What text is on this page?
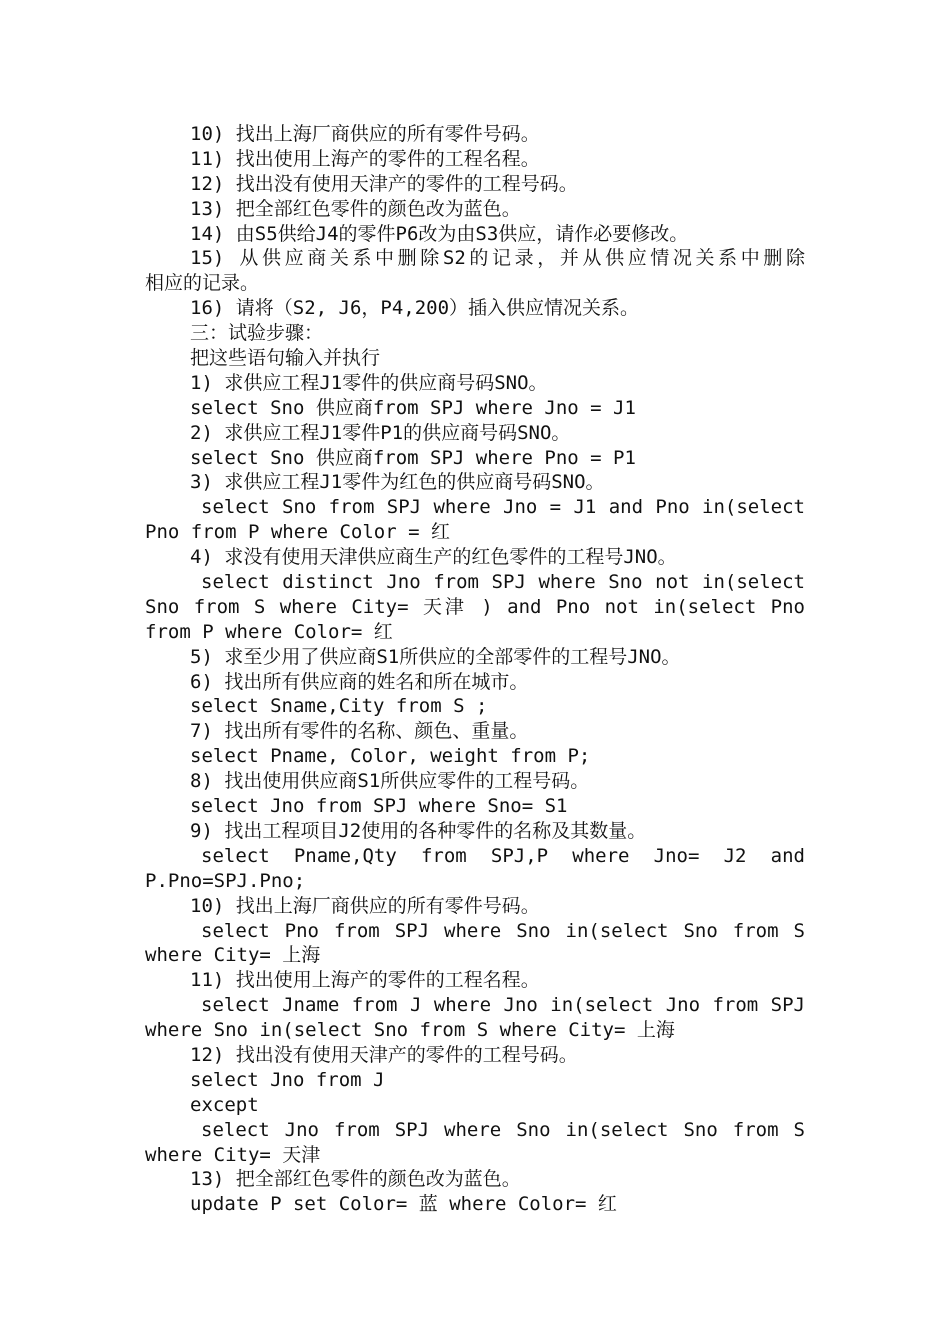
10) 找出上海厂商供应的所有零件号码。
11) 找出使用上海产的零件的工程名程。
12) 找出没有使用天津产的零件的工程号码。
13) 把全部红色零件的颜色改为蓝色。
14) 由S5供给J4的零件P6改为由S3供应，请作必要修改。
15) 从供应商关系中删除S2的记录，并从供应情况关系中删除
相应的记录。
16) 请将（S2, J6，P4,200）插入供应情况关系。
三：试验步骤：
把这些语句输入并执行
1) 求供应工程J1零件的供应商号码SNO。
select Sno 供应商from SPJ where Jno = J1
2) 求供应工程J1零件P1的供应商号码SNO。
select Sno 供应商from SPJ where Pno = P1
3) 求供应工程J1零件为红色的供应商号码SNO。
select Sno from SPJ where Jno = J1 and Pno in(select
Pno from P where Color = 红
4) 求没有使用天津供应商生产的红色零件的工程号JNO。
select distinct Jno from SPJ where Sno not in(select
Sno from S where City= 天津 ) and Pno not in(select Pno
from P where Color= 红
5) 求至少用了供应商S1所供应的全部零件的工程号JNO。
6) 找出所有供应商的姓名和所在城市。
select Sname,City from S ;
7) 找出所有零件的名称、颜色、重量。
select Pname, Color, weight from P;
8) 找出使用供应商S1所供应零件的工程号码。
select Jno from SPJ where Sno= S1
9) 找出工程项目J2使用的各种零件的名称及其数量。
select Pname,Qty from SPJ,P where Jno= J2 and
P.Pno=SPJ.Pno;
10) 找出上海厂商供应的所有零件号码。
select Pno from SPJ where Sno in(select Sno from S
where City= 上海
11) 找出使用上海产的零件的工程名程。
select Jname from J where Jno in(select Jno from SPJ
where Sno in(select Sno from S where City= 上海
12) 找出没有使用天津产的零件的工程号码。
select Jno from J
except
select Jno from SPJ where Sno in(select Sno from S
where City= 天津
13) 把全部红色零件的颜色改为蓝色。
update P set Color= 蓝 where Color= 红
